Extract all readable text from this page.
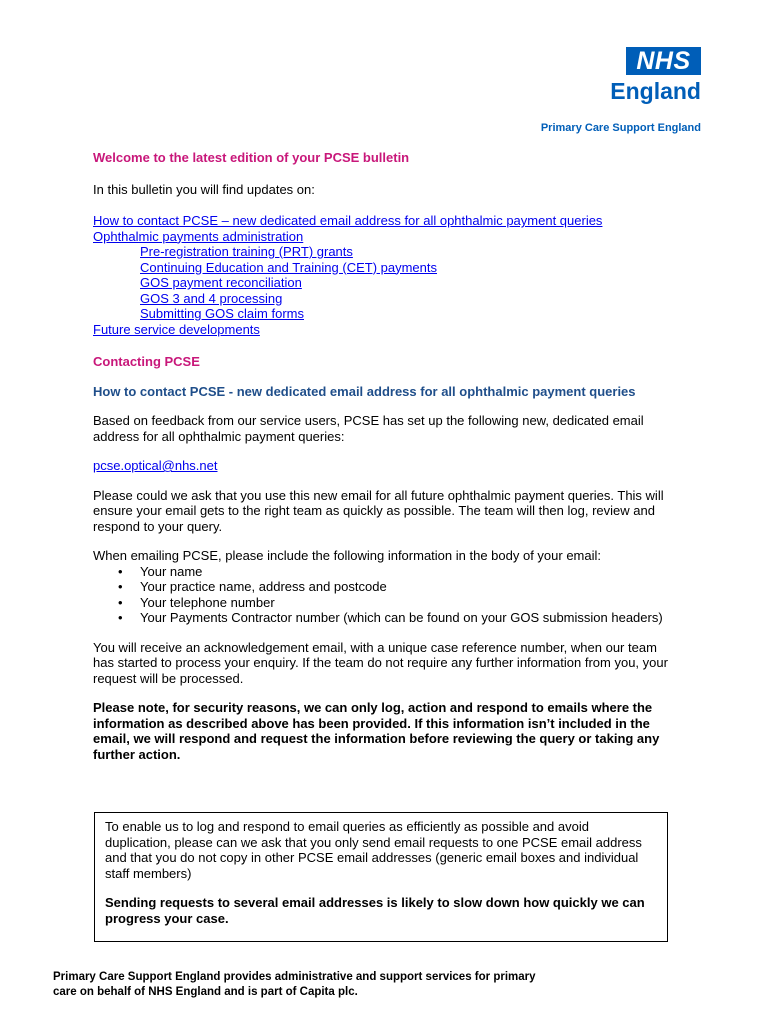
NHS
England
Primary Care Support England

Welcome to the latest edition of your PCSE bulletin

In this bulletin you will find updates on:

How to contact PCSE – new dedicated email address for all ophthalmic payment queries
Ophthalmic payments administration
Pre-registration training (PRT) grants
Continuing Education and Training (CET) payments
GOS payment reconciliation
GOS 3 and 4 processing
Submitting GOS claim forms
Future service developments

Contacting PCSE

How to contact PCSE - new dedicated email address for all ophthalmic payment queries

Based on feedback from our service users, PCSE has set up the following new, dedicated email address for all ophthalmic payment queries:

pcse.optical@nhs.net

Please could we ask that you use this new email for all future ophthalmic payment queries. This will ensure your email gets to the right team as quickly as possible. The team will then log, review and respond to your query.

When emailing PCSE, please include the following information in the body of your email:

• Your name
• Your practice name, address and postcode
• Your telephone number
• Your Payments Contractor number (which can be found on your GOS submission headers)

You will receive an acknowledgement email, with a unique case reference number, when our team has started to process your enquiry. If the team do not require any further information from you, your request will be processed.

Please note, for security reasons, we can only log, action and respond to emails where the information as described above has been provided. If this information isn’t included in the email, we will respond and request the information before reviewing the query or taking any further action.

To enable us to log and respond to email queries as efficiently as possible and avoid duplication, please can we ask that you only send email requests to one PCSE email address and that you do not copy in other PCSE email addresses (generic email boxes and individual staff members)

Sending requests to several email addresses is likely to slow down how quickly we can progress your case.

Primary Care Support England provides administrative and support services for primary care on behalf of NHS England and is part of Capita plc.
